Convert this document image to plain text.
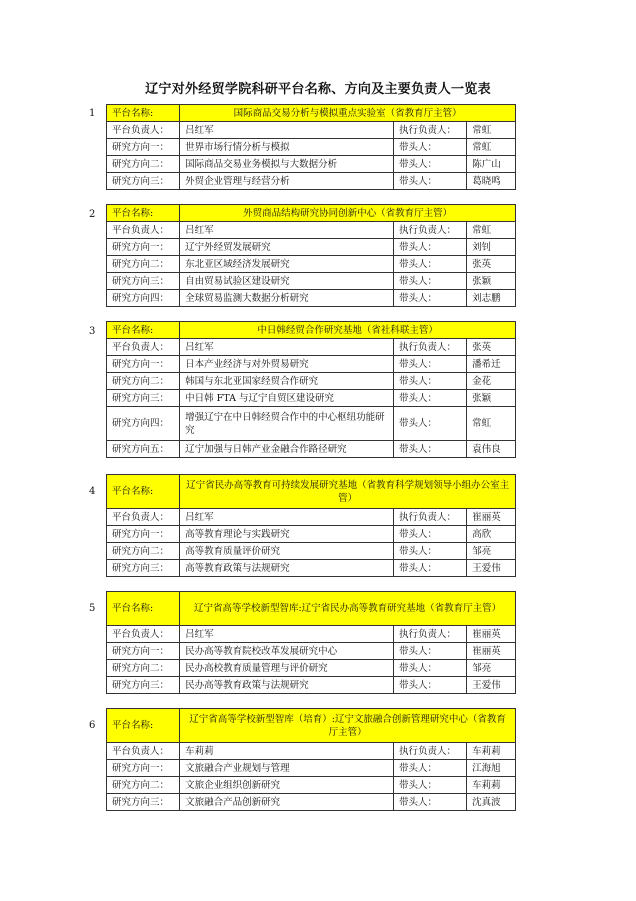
辽宁对外经贸学院科研平台名称、方向及主要负责人一览表
1 平台名称:	国际商品交易分析与模拟重点实验室（省教育厅主管）		
平台负责人：	吕红军	执行负责人：	常虹
研究方向一：	世界市场行情分析与模拟	带头人：	常虹
研究方向二：	国际商品交易业务模拟与大数据分析	带头人：	陈广山
研究方向三：	外贸企业管理与经营分析	带头人：	葛晓鸣
2 平台名称:	外贸商品结构研究协同创新中心（省教育厅主管）		
平台负责人：	吕红军	执行负责人：	常虹
研究方向一：	辽宁外经贸发展研究	带头人：	刘钊
研究方向二：	东北亚区域经济发展研究	带头人：	张英
研究方向三：	自由贸易试验区建设研究	带头人：	张颖
研究方向四：	全球贸易监测大数据分析研究	带头人：	刘志鹏
3 平台名称:	中日韩经贸合作研究基地（省社科联主管）		
平台负责人：	吕红军	执行负责人：	张英
研究方向一：	日本产业经济与对外贸易研究	带头人：	潘希迁
研究方向二：	韩国与东北亚国家经贸合作研究	带头人：	金花
研究方向三：	中日韩 FTA 与辽宁自贸区建设研究	带头人：	张颖
研究方向四：	增强辽宁在中日韩经贸合作中的中心枢纽功能研究	带头人：	常虹
研究方向五：	辽宁加强与日韩产业金融合作路径研究	带头人：	袁伟良
4 平台名称:	辽宁省民办高等教育可持续发展研究基地（省教育科学规划领导小组办公室主管）		
平台负责人：	吕红军	执行负责人：	崔丽英
研究方向一：	高等教育理论与实践研究	带头人：	高欣
研究方向二：	高等教育质量评价研究	带头人：	邹亮
研究方向三：	高等教育政策与法规研究	带头人：	王爱伟
5 平台名称:	辽宁省高等学校新型智库:辽宁省民办高等教育研究基地（省教育厅主管）		
平台负责人：	吕红军	执行负责人：	崔丽英
研究方向一：	民办高等教育院校改革发展研究中心	带头人：	崔丽英
研究方向二：	民办高校教育质量管理与评价研究	带头人：	邹亮
研究方向三：	民办高等教育政策与法规研究	带头人：	王爱伟
6 平台名称:	辽宁省高等学校新型智库（培育）:辽宁文旅融合创新管理研究中心（省教育厅主管）		
平台负责人：	车莉莉	执行负责人：	车莉莉
研究方向一：	文旅融合产业规划与管理	带头人：	江海旭
研究方向二：	文旅企业组织创新研究	带头人：	车莉莉
研究方向三：	文旅融合产品创新研究	带头人：	沈真波
